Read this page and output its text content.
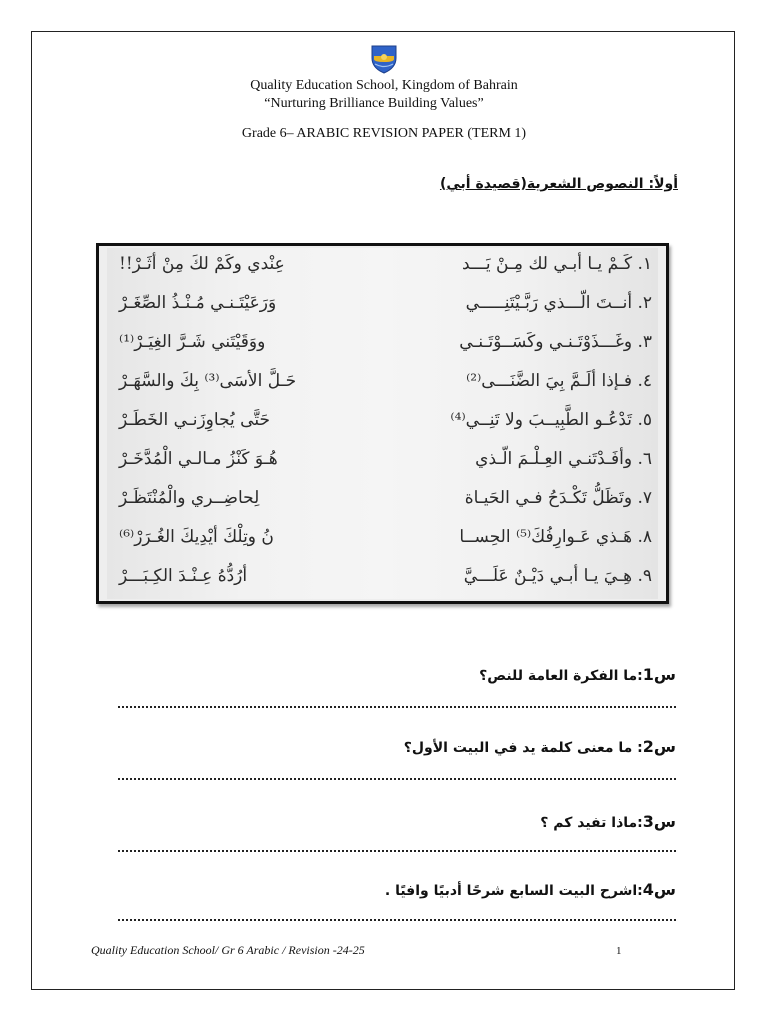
Quality Education School, Kingdom of Bahrain
“Nurturing Brilliance Building Values”
Grade 6– ARABIC REVISION PAPER (TERM 1)
أولاً: النصوص الشعرية(قصيدة أبي)
١. كَـمْ يـا أبـي لك مِـنْ يَـــد
عِنْدي وكَمْ لكَ مِنْ أثَـرْ!!
٢. أنــتَ الّـــذي رَبَّـيْتَنِـــــي
وَرَعَيْتَـنـي مُـنْـذُ الصِّغَـرْ
٣. وغَـــذَوْتَـنـي وكَسَــوْتَـنـي
ووَقَيْتَني شَـرَّ الغِيَـرْ⁽¹⁾
٤. فـإذا ألَـمَّ بِيَ الضَّنَـــى⁽²⁾
حَـلَّ الأسَى⁽³⁾ بِكَ والسَّهَـرْ
٥. تَدْعُـو الطَّبِيــبَ ولا تَنِــي⁽⁴⁾
حَتَّى يُجاوِزَنـي الخَطَـرْ
٦. وأفَـدْتَنـي العِـلْـمَ الّـذي
هُـوَ كَنْزُ مـالـي الْمُدَّخَـرْ
٧. وتَظَلُّ تَكْـدَحُ فـي الحَيـاة
لِحاضِــري والْمُنْتَظَـرْ
٨. هَـذي عَـوارِفُكَ⁽⁵⁾ الحِســا
نُ وتِلْكَ أيْدِيكَ الغُـرَرْ⁽⁶⁾
٩. هِـيَ يـا أبـي دَيْـنٌ عَلَـــيَّ
أرُدُّهُ عِـنْـدَ الكِـبَـــرْ
س1:ما الفكرة العامة للنص؟
س2: ما معنى كلمة يد في البيت الأول؟
س3:ماذا تفيد كم ؟
س4:اشرح البيت السابع شرحًا أدبيًا وافيًا .
Quality Education School/ Gr 6 Arabic / Revision -24-25	1
